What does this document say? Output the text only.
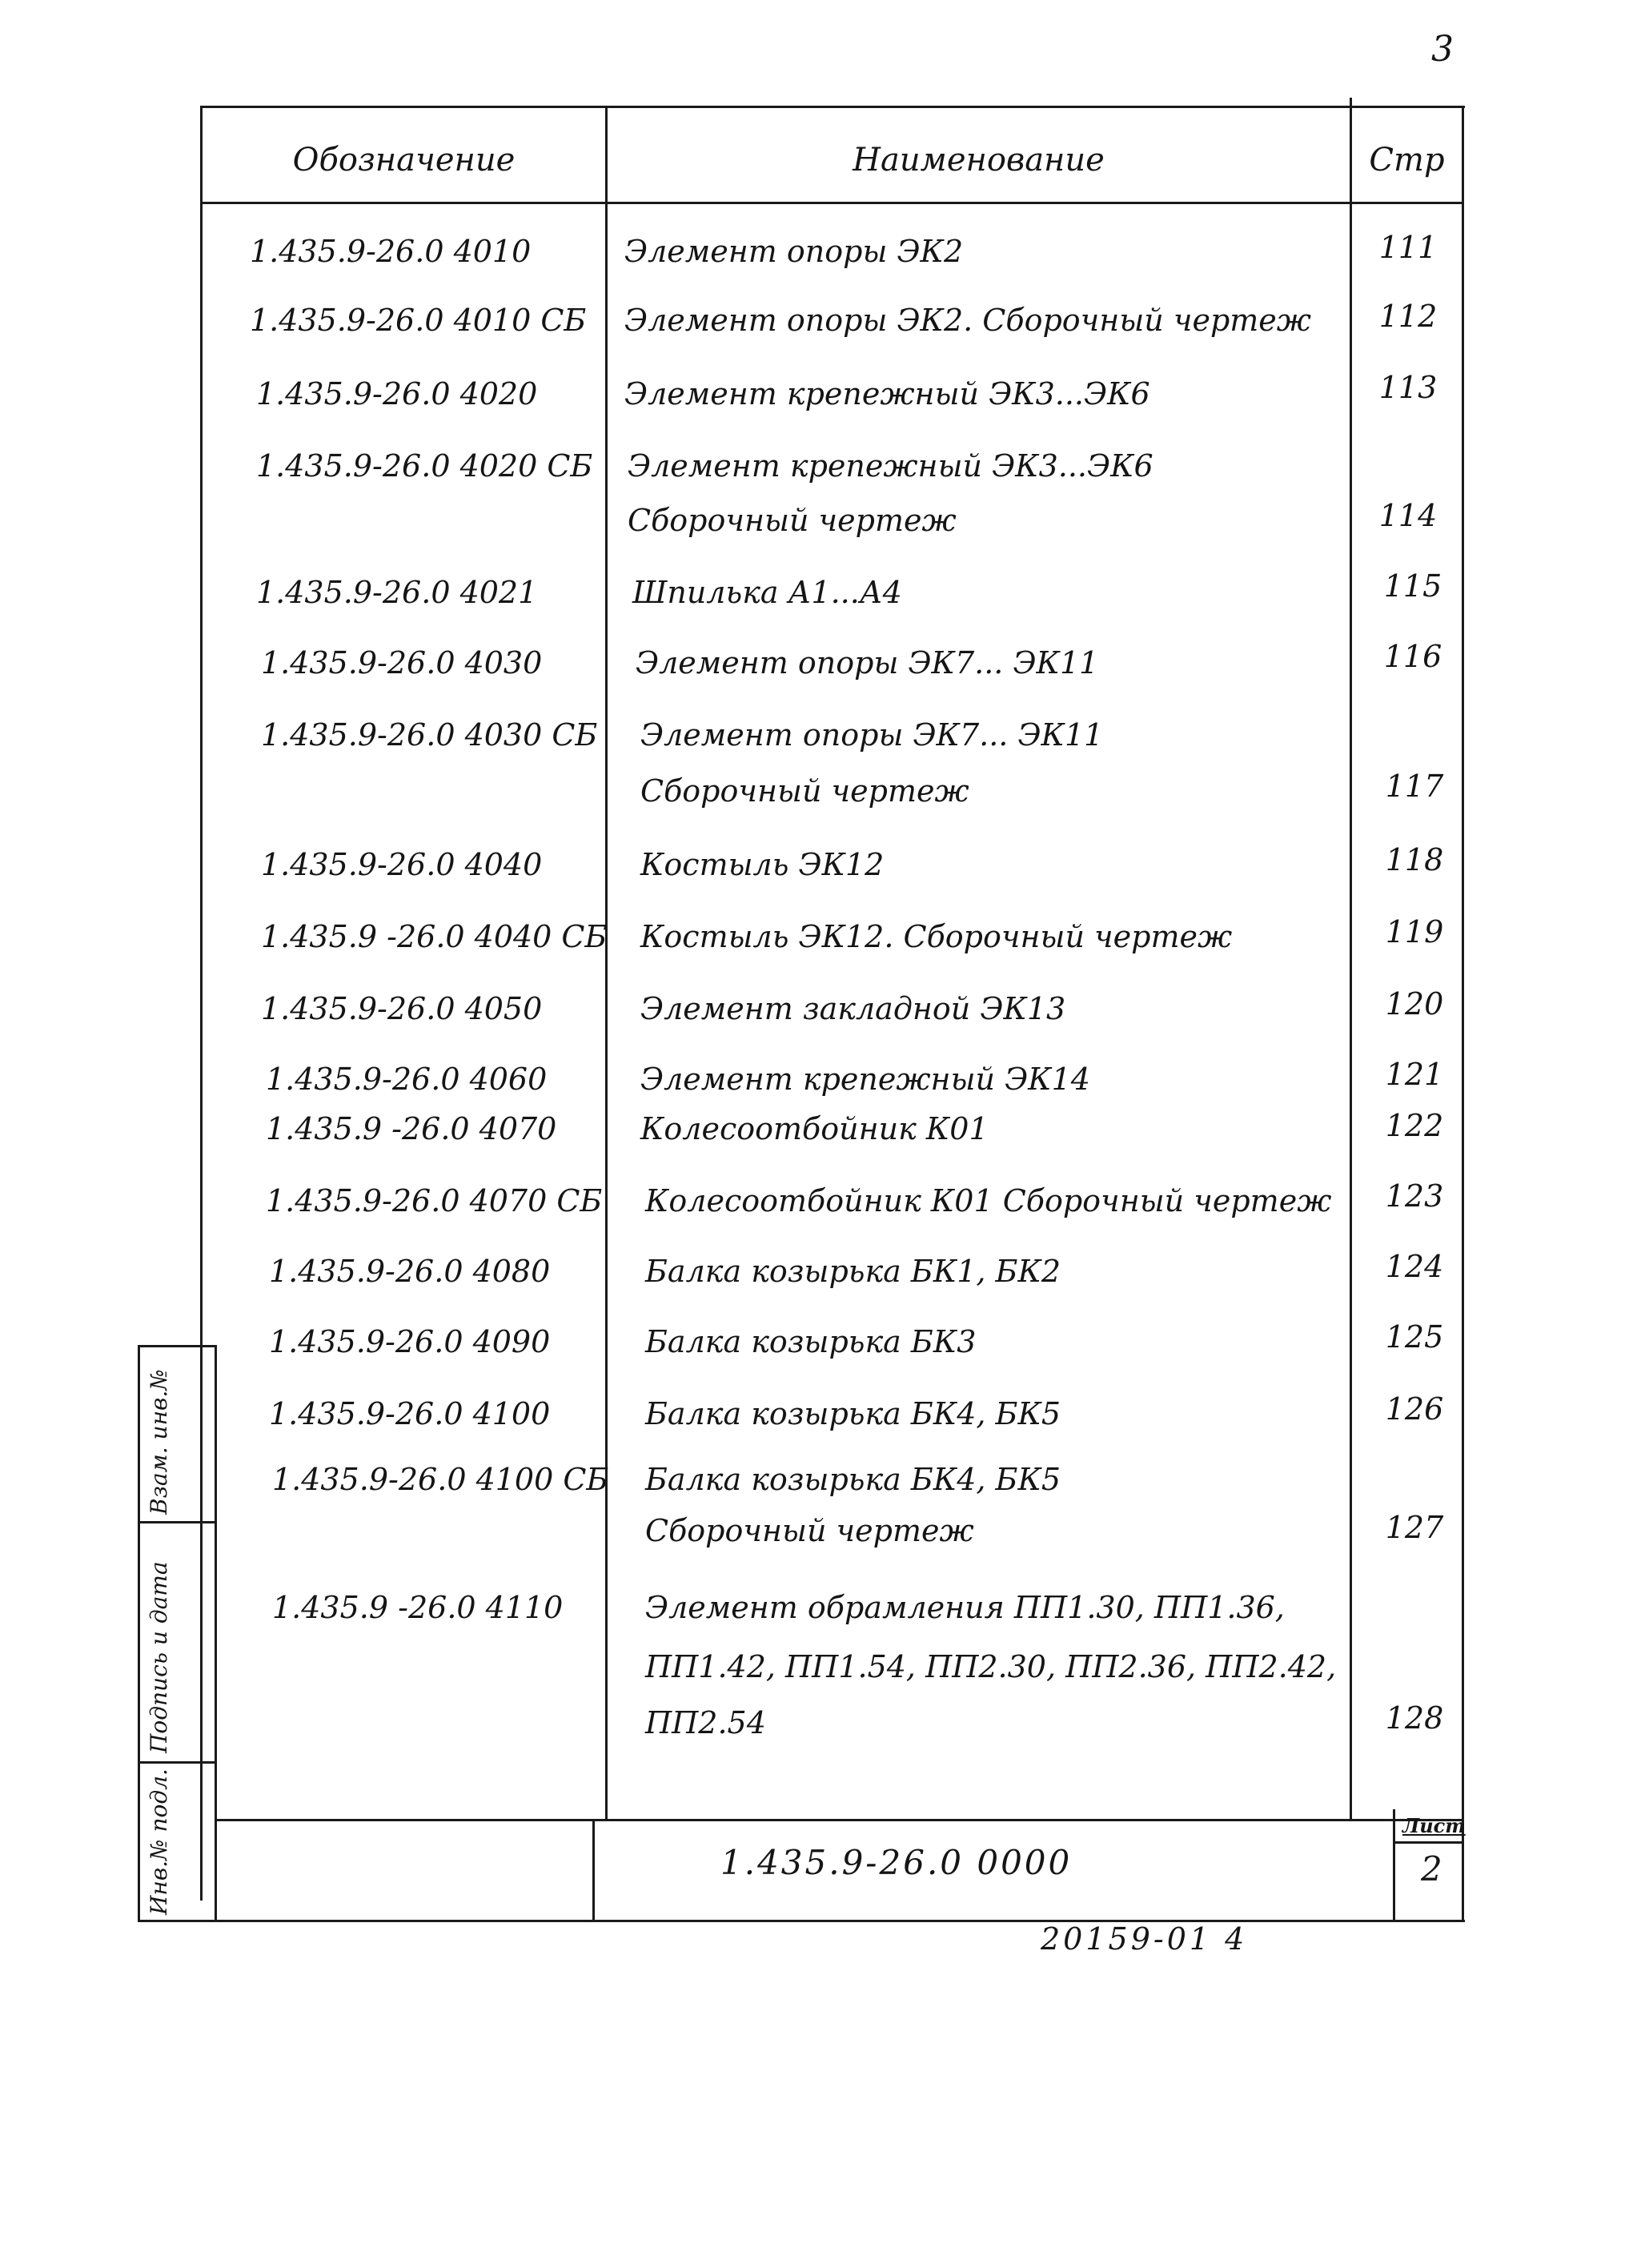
3
Обозначение	Наименование	Стр
1.435.9-26.0 4010	Элемент опоры ЭК2	111
1.435.9-26.0 4010 СБ Элемент опоры ЭК2. Сборочный чертеж	112
1.435.9-26.0 4020	Элемент крепежный ЭК3...ЭК6	113
1.435.9-26.0 4020 СБ Элемент крепежный ЭК3...ЭК6
Сборочный чертеж	114
1.435.9-26.0 4021	Шпилька А1...А4	115
1.435.9-26.0 4030	Элемент опоры ЭК7... ЭК11	116
1.435.9-26.0 4030 СБ Элемент опоры ЭК7... ЭК11
Сборочный чертеж	117
1.435.9-26.0 4040	Костыль ЭК12	118
1.435.9 -26.0 4040 СБ Костыль ЭК12. Сборочный чертеж	119
1.435.9-26.0 4050	Элемент закладной ЭК13	120
1.435.9-26.0 4060	Элемент крепежный ЭК14	121
1.435.9 -26.0 4070	Колесоотбойник К01	122
1.435.9-26.0 4070 СБ Колесоотбойник К01 Сборочный чертеж	123
1.435.9-26.0 4080	Балка козырька БК1, БК2	124
1.435.9-26.0 4090	Балка козырька БК3	125
1.435.9-26.0 4100	Балка козырька БК4, БК5	126
1.435.9-26.0 4100 СБ Балка козырька БК4, БК5
Сборочный чертеж	127
1.435.9 -26.0 4110	Элемент обрамления ПП1.30, ПП1.36,
ПП1.42, ПП1.54, ПП2.30, ПП2.36, ПП2.42,
ПП2.54	128
1.435.9-26.0 0000
Лист
2
20159-01 4
Инв.№ подл.
Подпись и дата
Взам. инв.№
